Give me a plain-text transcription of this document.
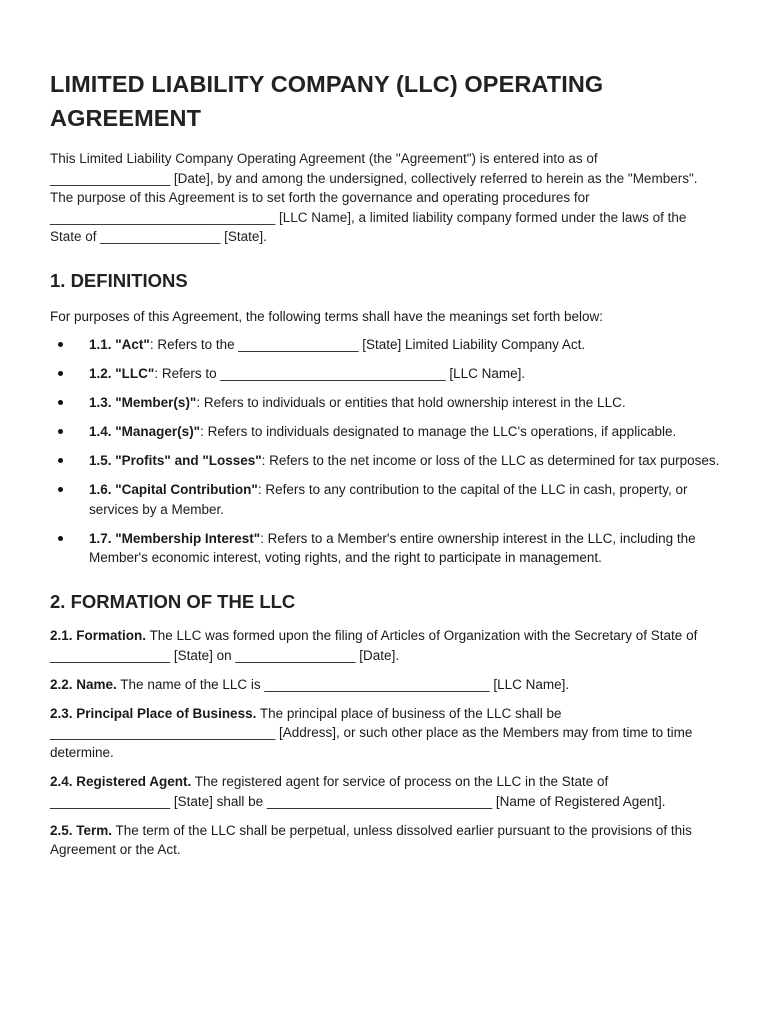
LIMITED LIABILITY COMPANY (LLC) OPERATING AGREEMENT

This Limited Liability Company Operating Agreement (the "Agreement") is entered into as of ________________ [Date], by and among the undersigned, collectively referred to herein as the "Members". The purpose of this Agreement is to set forth the governance and operating procedures for ______________________________ [LLC Name], a limited liability company formed under the laws of the State of ________________ [State].

1. DEFINITIONS

For purposes of this Agreement, the following terms shall have the meanings set forth below:

1.1. "Act": Refers to the ________________ [State] Limited Liability Company Act.
1.2. "LLC": Refers to ______________________________ [LLC Name].
1.3. "Member(s)": Refers to individuals or entities that hold ownership interest in the LLC.
1.4. "Manager(s)": Refers to individuals designated to manage the LLC's operations, if applicable.
1.5. "Profits" and "Losses": Refers to the net income or loss of the LLC as determined for tax purposes.
1.6. "Capital Contribution": Refers to any contribution to the capital of the LLC in cash, property, or services by a Member.
1.7. "Membership Interest": Refers to a Member's entire ownership interest in the LLC, including the Member's economic interest, voting rights, and the right to participate in management.
2. FORMATION OF THE LLC

2.1. Formation. The LLC was formed upon the filing of Articles of Organization with the Secretary of State of ________________ [State] on ________________ [Date].

2.2. Name. The name of the LLC is ______________________________ [LLC Name].

2.3. Principal Place of Business. The principal place of business of the LLC shall be ______________________________ [Address], or such other place as the Members may from time to time determine.

2.4. Registered Agent. The registered agent for service of process on the LLC in the State of ________________ [State] shall be ______________________________ [Name of Registered Agent].

2.5. Term. The term of the LLC shall be perpetual, unless dissolved earlier pursuant to the provisions of this Agreement or the Act.
